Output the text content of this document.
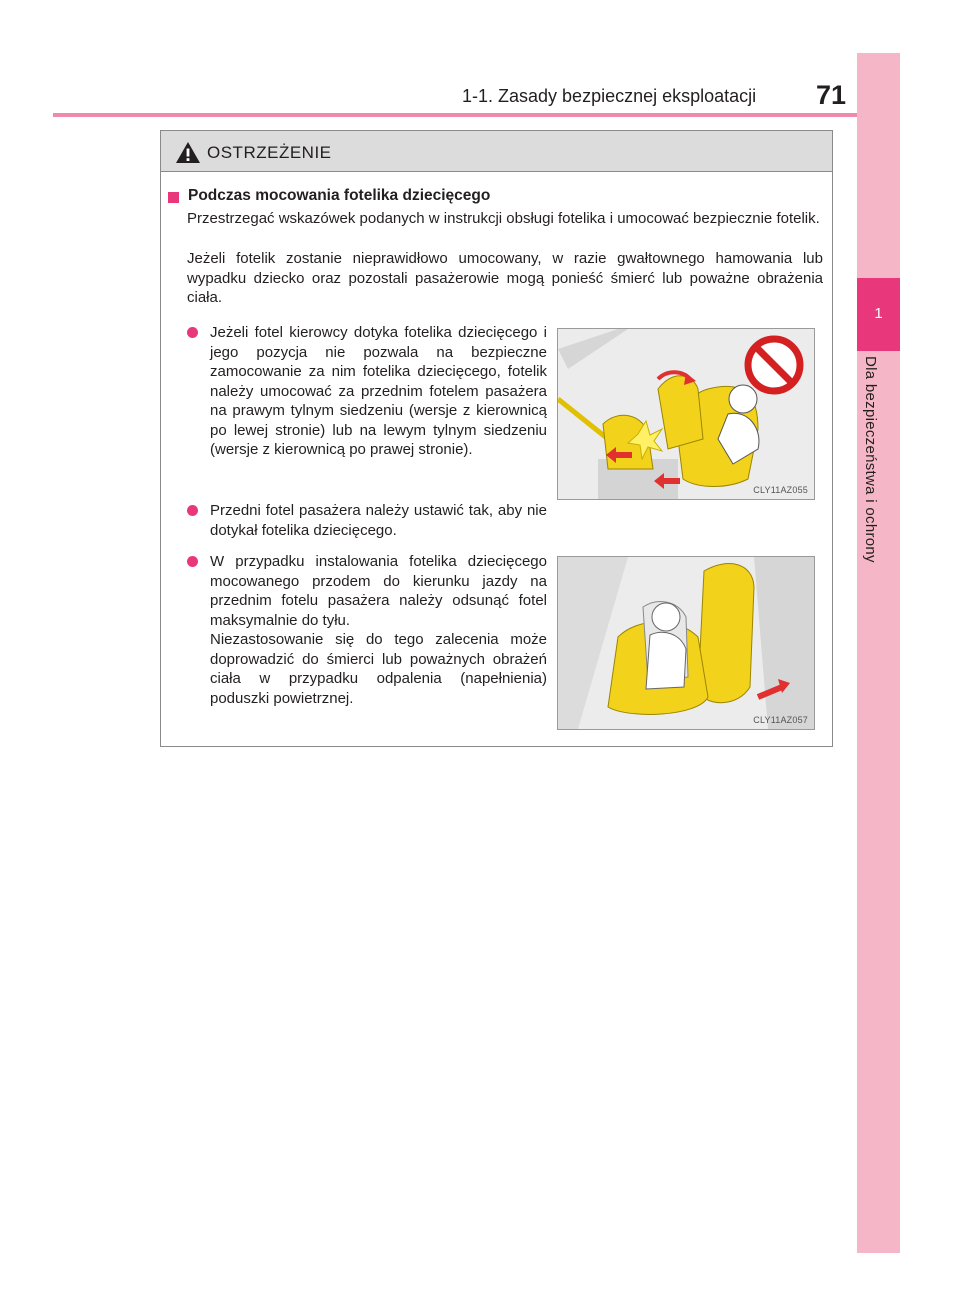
1
Dla bezpieczeństwa i ochrony
1-1. Zasady bezpiecznej eksploatacji 71
OSTRZEŻENIE
Podczas mocowania fotelika dziecięcego

Przestrzegać wskazówek podanych w instrukcji obsługi fotelika i umocować bezpiecznie fotelik.

Jeżeli fotelik zostanie nieprawidłowo umocowany, w razie gwałtownego hamowania lub wypadku dziecko oraz pozostali pasażerowie mogą ponieść śmierć lub poważne obrażenia ciała.

Jeżeli fotel kierowcy dotyka fotelika dziecięcego i jego pozycja nie pozwala na bezpieczne zamocowanie za nim fotelika dziecięcego, fotelik należy umocować za przednim fotelem pasażera na prawym tylnym siedzeniu (wersje z kierownicą po lewej stronie) lub na lewym tylnym siedzeniu (wersje z kierownicą po prawej stronie).
Przedni fotel pasażera należy ustawić tak, aby nie dotykał fotelika dziecięcego.
W przypadku instalowania fotelika dziecięcego mocowanego przodem do kierunku jazdy na przednim fotelu pasażera należy odsunąć fotel maksymalnie do tyłu.
Niezastosowanie się do tego zalecenia może doprowadzić do śmierci lub poważnych obrażeń ciała w przypadku odpalenia (napełnienia) poduszki powietrznej.
CLY11AZ055
CLY11AZ057
